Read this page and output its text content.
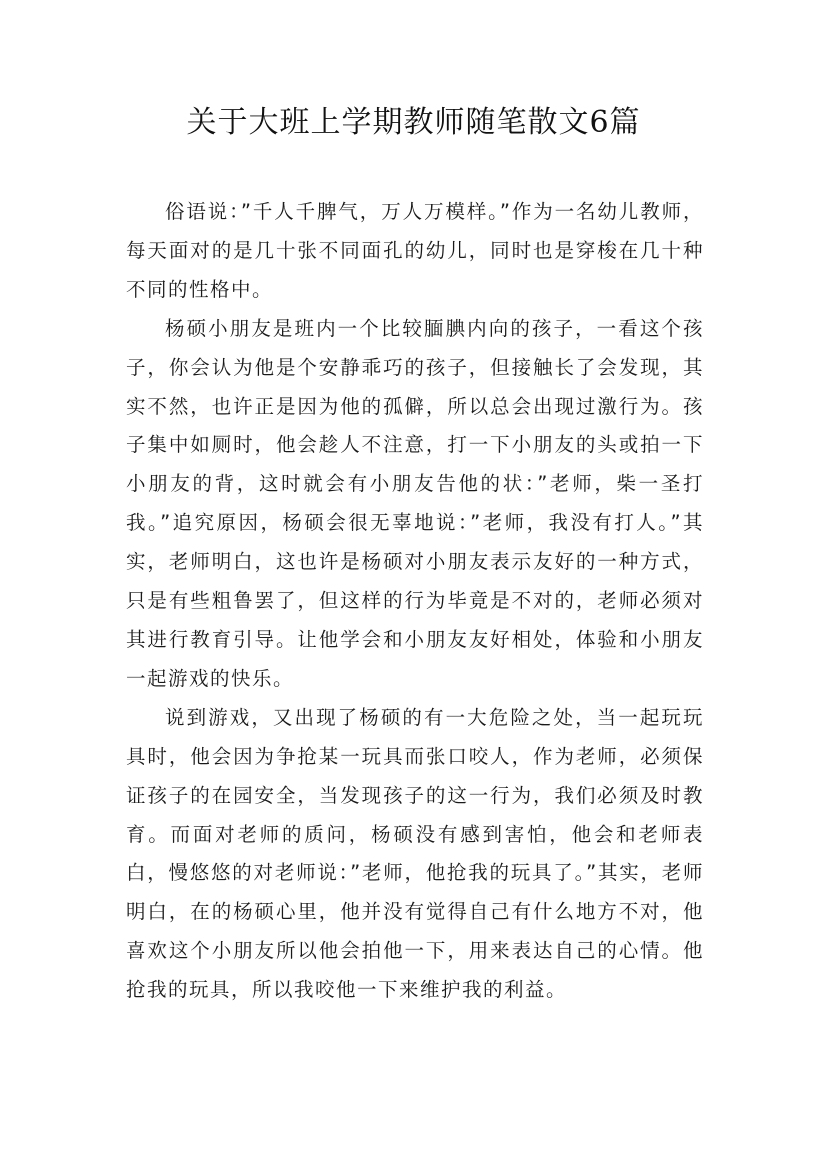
关于大班上学期教师随笔散文6篇

俗语说：”千人千脾气，万人万模样。”作为一名幼儿教师，每天面对的是几十张不同面孔的幼儿，同时也是穿梭在几十种不同的性格中。

杨硕小朋友是班内一个比较腼腆内向的孩子，一看这个孩子，你会认为他是个安静乖巧的孩子，但接触长了会发现，其实不然，也许正是因为他的孤僻，所以总会出现过激行为。孩子集中如厕时，他会趁人不注意，打一下小朋友的头或拍一下小朋友的背，这时就会有小朋友告他的状：”老师，柴一圣打我。”追究原因，杨硕会很无辜地说：”老师，我没有打人。”其实，老师明白，这也许是杨硕对小朋友表示友好的一种方式，只是有些粗鲁罢了，但这样的行为毕竟是不对的，老师必须对其进行教育引导。让他学会和小朋友友好相处，体验和小朋友一起游戏的快乐。

说到游戏，又出现了杨硕的有一大危险之处，当一起玩玩具时，他会因为争抢某一玩具而张口咬人，作为老师，必须保证孩子的在园安全，当发现孩子的这一行为，我们必须及时教育。而面对老师的质问，杨硕没有感到害怕，他会和老师表白，慢悠悠的对老师说：”老师，他抢我的玩具了。”其实，老师明白，在的杨硕心里，他并没有觉得自己有什么地方不对，他喜欢这个小朋友所以他会拍他一下，用来表达自己的心情。他抢我的玩具，所以我咬他一下来维护我的利益。
